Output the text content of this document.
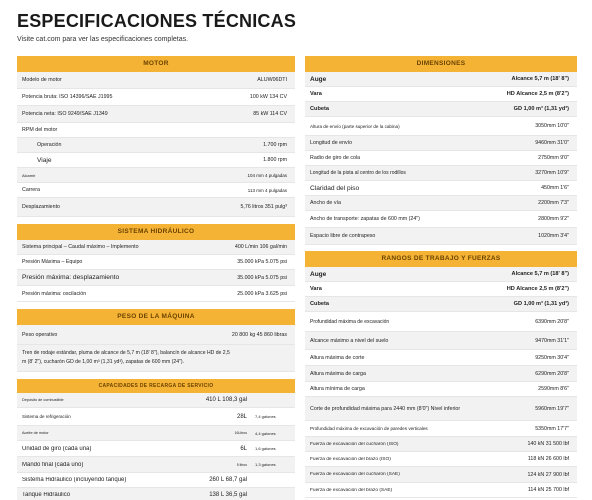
ESPECIFICACIONES TÉCNICAS
Visite cat.com para ver las especificaciones completas.
MOTOR
Modelo de motor	ALUW06DTI
Potencia bruta: ISO 14396/SAE J1995	100 kW 134 CV
Potencia neta: ISO 9249/SAE J1349	85 kW 114 CV
RPM del motor
Operación	1.700 rpm
Viaje	1.800 rpm
Alcamir	104 mm 4 pulgadas
Carrera	113 mm 4 pulgadas
Desplazamiento	5,76 litros 351 pulg³
SISTEMA HIDRÁULICO
Sistema principal – Caudal máximo – Implemento	400 L/min 106 gal/min
Presión Máxima – Equipo	35.000 kPa 5.075 psi
Presión máxima: desplazamiento	35.000 kPa 5.075 psi
Presión máxima: oscilación	25.000 kPa 3.625 psi
PESO DE LA MÁQUINA
Peso operativo	20 800 kg 45 860 libras
Tren de rodaje estándar, pluma de alcance de 5,7 m (18' 8"), balancín de alcance HD de 2,5
m (8' 2"), cucharón GD de 1,00 m³ (1,31 yd³), zapatas de 600 mm (24").
CAPACIDADES DE RECARGA DE SERVICIO
Depósito de combustible	410 L 108,3 gal
Sistema de refrigeración	28L	7,4 galones
Aceite de motor	16Litros	4,4 galones
Unidad de giro (cada una)	6L	1,6 galones
Mando final (cada uno)	5 litros	1,3 galones
Sistema Hidráulico (incluyendo tanque)	260 L 68,7 gal
Tanque Hidráulico	138 L 36,5 gal
DIMENSIONES
Auge	Alcance 5,7 m (18' 8")
Vara	HD Alcance 2,5 m (8'2")
Cubeta	GD 1,00 m³ (1,31 yd³)
Altura de envío (parte superior de la cabina)	3050mm 10'0"
Longitud de envío	9460mm 31'0"
Radio de giro de cola	2750mm 9'0"
Longitud de la pista al centro de los rodillos	3270mm 10'9"
Claridad del piso	450mm 1'6"
Ancho de vía	2200mm 7'3"
Ancho de transporte: zapatas de 600 mm (24")	2800mm 9'2"
Espacio libre de contrapeso	1020mm 3'4"
RANGOS DE TRABAJO Y FUERZAS
Auge	Alcance 5,7 m (18' 8")
Vara	HD Alcance 2,5 m (8'2")
Cubeta	GD 1,00 m³ (1,31 yd³)
Profundidad máxima de excavación	6390mm 20'8"
Alcance máximo a nivel del suelo	9470mm 31'1"
Altura máxima de corte	9250mm 30'4"
Altura máxima de carga	6290mm 20'8"
Altura mínima de carga	2590mm 8'6"
Corte de profundidad máxima para 2440 mm (8'0") Nivel inferior	5960mm 19'7"
Profundidad máxima de excavación de paredes verticales	5350mm 17'7"
Fuerza de excavación del cucharón (ISO)	140 kN 31 500 lbf
Fuerza de excavación del brazo (ISO)	118 kN 26 600 lbf
Fuerza de excavación del cucharón (SAE)	124 kN 27 900 lbf
Fuerza de excavación del brazo (SAE)	114 kN 25 700 lbf
